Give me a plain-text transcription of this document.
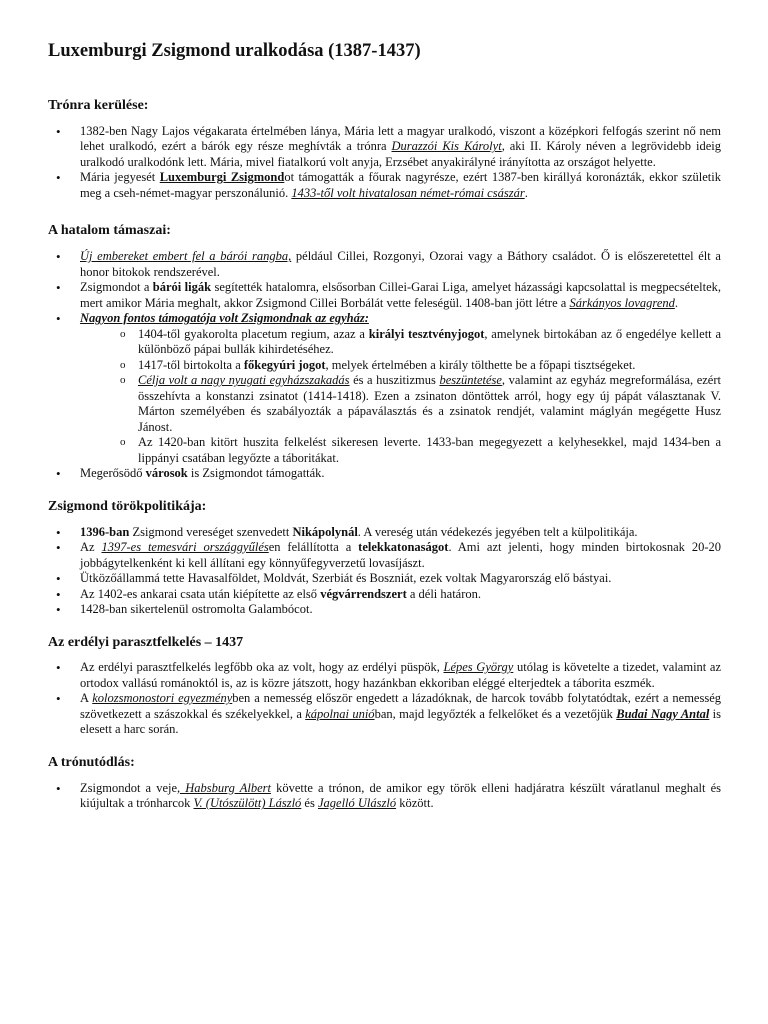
Luxemburgi Zsigmond uralkodása (1387-1437)
Trónra kerülése:
• 1382-ben Nagy Lajos végakarata értelmében lánya, Mária lett a magyar uralkodó, viszont a középkori felfogás szerint nő nem lehet uralkodó, ezért a bárók egy része meghívták a trónra Durazzói Kis Károlyt, aki II. Károly néven a legrövidebb ideig uralkodó uralkodónk lett. Mária, mivel fiatalkorú volt anyja, Erzsébet anyakirályné irányította az országot helyette.
• Mária jegyesét Luxemburgi Zsigmondot támogatták a főurak nagyrésze, ezért 1387-ben királlyá koronázták, ekkor születik meg a cseh-német-magyar perszonálunió. 1433-től volt hivatalosan német-római császár.
A hatalom támaszai:
• Új embereket embert fel a bárói rangba, például Cillei, Rozgonyi, Ozorai vagy a Báthory családot. Ő is előszeretettel élt a honor bitokok rendszerével.
• Zsigmondot a bárói ligák segítették hatalomra, elsősorban Cillei-Garai Liga, amelyet házassági kapcsolattal is megpecsételtek, mert amikor Mária meghalt, akkor Zsigmond Cillei Borbálát vette feleségül. 1408-ban jött létre a Sárkányos lovagrend.
• Nagyon fontos támogatója volt Zsigmondnak az egyház:
o 1404-től gyakorolta placetum regium, azaz a királyi tesztvényjogot, amelynek birtokában az ő engedélye kellett a különböző pápai bullák kihirdetéséhez.
o 1417-től birtokolta a főkegyúri jogot, melyek értelmében a király tölthette be a főpapi tisztségeket.
o Célja volt a nagy nyugati egyházszakadás és a huszitizmus beszüntetése, valamint az egyház megreformálása, ezért összehívta a konstanzi zsinatot (1414-1418). Ezen a zsinaton döntöttek arról, hogy egy új pápát választanak V. Márton személyében és szabályozták a pápaválasztás és a zsinatok rendjét, valamint máglyán megégette Husz Jánost.
o Az 1420-ban kitört huszita felkelést sikeresen leverte. 1433-ban megegyezett a kelyhesekkel, majd 1434-ben a lippányi csatában legyőzte a táboritákat.
• Megerősödő városok is Zsigmondot támogatták.
Zsigmond törökpolitikája:
• 1396-ban Zsigmond vereséget szenvedett Nikápolynál. A vereség után védekezés jegyében telt a külpolitikája.
• Az 1397-es temesvári országgyűlésen felállította a telekkatonaságot. Ami azt jelenti, hogy minden birtokosnak 20-20 jobbágytelkenként ki kell állítani egy könnyűfegyverzetű lovasíjászt.
• Ütközőállammá tette Havasalföldet, Moldvát, Szerbiát és Boszniát, ezek voltak Magyarország elő bástyai.
• Az 1402-es ankarai csata után kiépítette az első végvárrendszert a déli határon.
• 1428-ban sikertelenül ostromolta Galambócot.
Az erdélyi parasztfelkelés – 1437
• Az erdélyi parasztfelkelés legfőbb oka az volt, hogy az erdélyi püspök, Lépes György utólag is követelte a tizedet, valamint az ortodox vallású románoktól is, az is közre játszott, hogy hazánkban ekkoriban eléggé elterjedtek a táborita eszmék.
• A kolozsmonostori egyezményben a nemesség először engedett a lázadóknak, de harcok tovább folytatódtak, ezért a nemesség szövetkezett a szászokkal és székelyekkel, a kápolnai unióban, majd legyőzték a felkelőket és a vezetőjük Budai Nagy Antal is elesett a harc során.
A trónutódlás:
• Zsigmondot a veje, Habsburg Albert követte a trónon, de amikor egy török elleni hadjáratra készült váratlanul meghalt és kiújultak a trónharcok V. (Utószülött) László és Jagelló Ulászló között.
